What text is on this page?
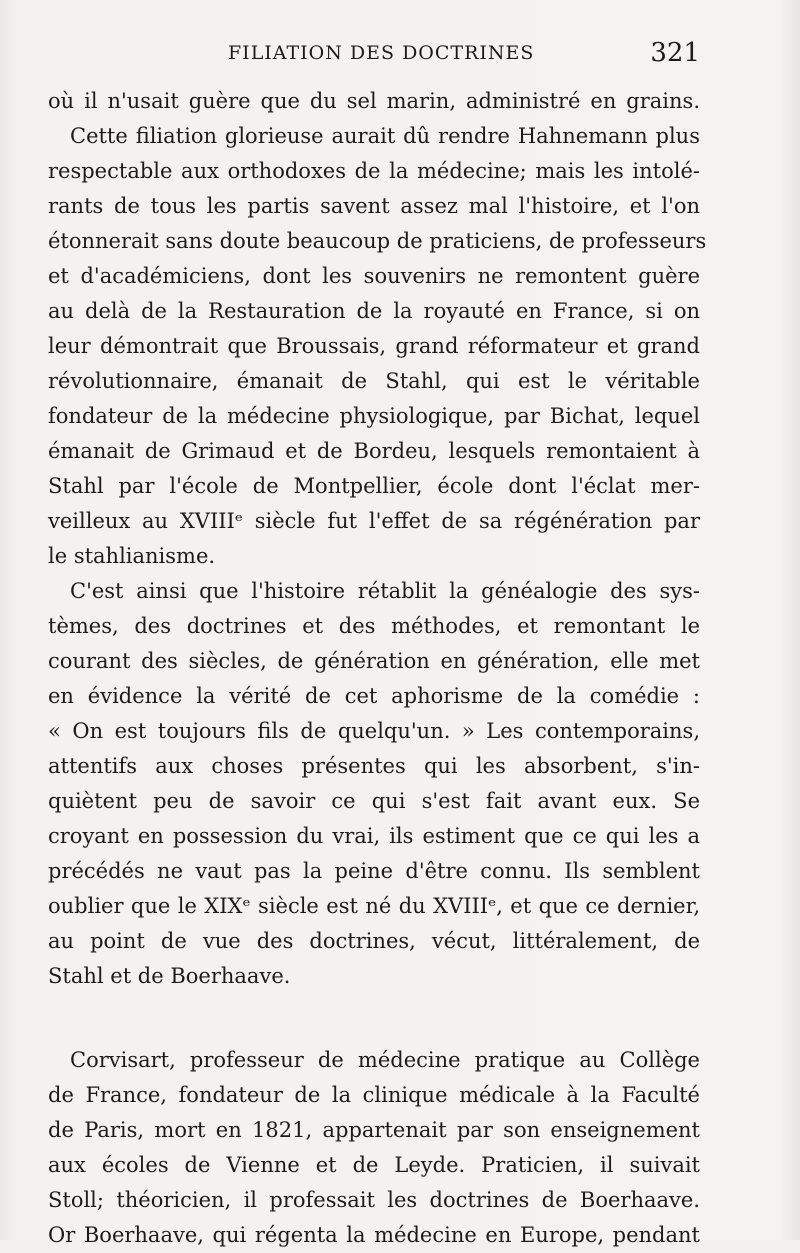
FILIATION DES DOCTRINES	321
où il n'usait guère que du sel marin, administré en grains.
Cette filiation glorieuse aurait dû rendre Hahnemann plus
respectable aux orthodoxes de la médecine; mais les intolé-
rants de tous les partis savent assez mal l'histoire, et l'on
étonnerait sans doute beaucoup de praticiens, de professeurs
et d'académiciens, dont les souvenirs ne remontent guère
au delà de la Restauration de la royauté en France, si on
leur démontrait que Broussais, grand réformateur et grand
révolutionnaire, émanait de Stahl, qui est le véritable
fondateur de la médecine physiologique, par Bichat, lequel
émanait de Grimaud et de Bordeu, lesquels remontaient à
Stahl par l'école de Montpellier, école dont l'éclat mer-
veilleux au XVIIIᵉ siècle fut l'effet de sa régénération par
le stahlianisme.
C'est ainsi que l'histoire rétablit la généalogie des sys-
tèmes, des doctrines et des méthodes, et remontant le
courant des siècles, de génération en génération, elle met
en évidence la vérité de cet aphorisme de la comédie :
« On est toujours fils de quelqu'un. » Les contemporains,
attentifs aux choses présentes qui les absorbent, s'in-
quiètent peu de savoir ce qui s'est fait avant eux. Se
croyant en possession du vrai, ils estiment que ce qui les a
précédés ne vaut pas la peine d'être connu. Ils semblent
oublier que le XIXᵉ siècle est né du XVIIIᵉ, et que ce dernier,
au point de vue des doctrines, vécut, littéralement, de
Stahl et de Boerhaave.
Corvisart, professeur de médecine pratique au Collège
de France, fondateur de la clinique médicale à la Faculté
de Paris, mort en 1821, appartenait par son enseignement
aux écoles de Vienne et de Leyde. Praticien, il suivait
Stoll; théoricien, il professait les doctrines de Boerhaave.
Or Boerhaave, qui régenta la médecine en Europe, pendant
